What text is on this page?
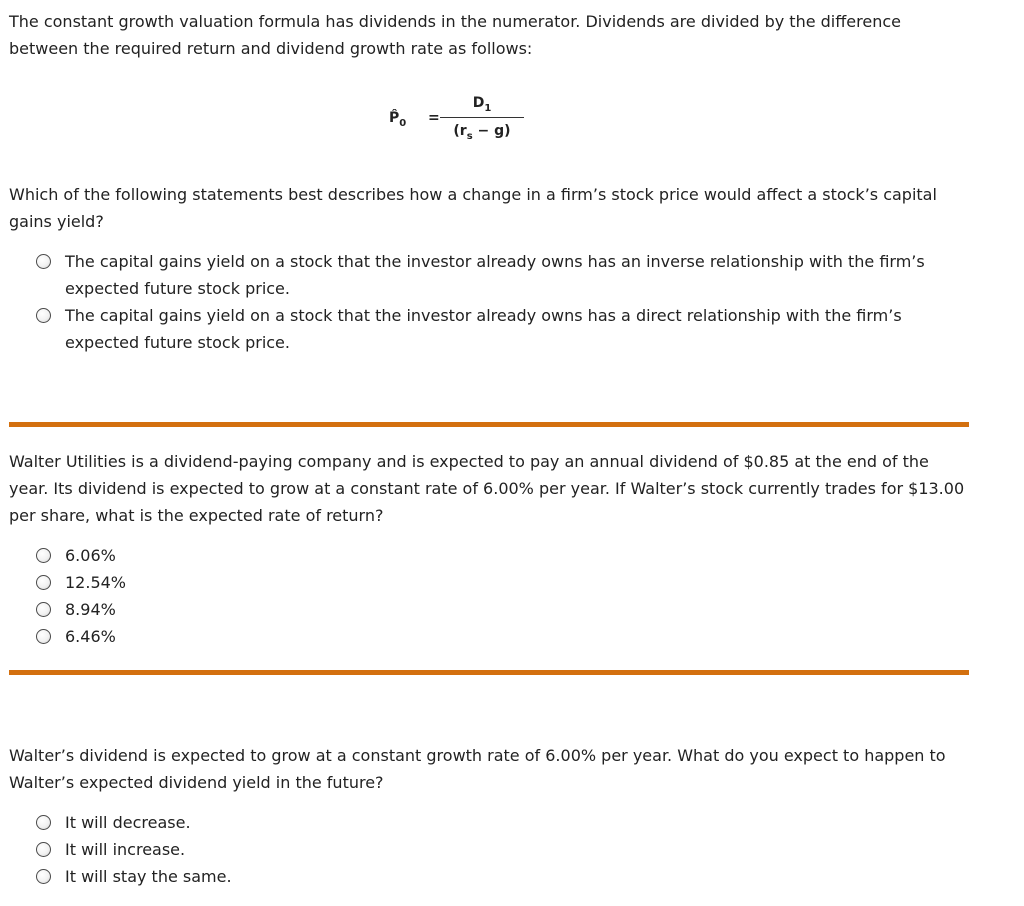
The constant growth valuation formula has dividends in the numerator. Dividends are divided by the difference between the required return and dividend growth rate as follows:

$P̂_0$ =
$D_1$
$(r_s - g)$

Which of the following statements best describes how a change in a firm’s stock price would affect a stock’s capital gains yield?

The capital gains yield on a stock that the investor already owns has an inverse relationship with the firm’s expected future stock price.
The capital gains yield on a stock that the investor already owns has a direct relationship with the firm’s expected future stock price.

Walter Utilities is a dividend-paying company and is expected to pay an annual dividend of $0.85 at the end of the year. Its dividend is expected to grow at a constant rate of 6.00% per year. If Walter’s stock currently trades for $13.00 per share, what is the expected rate of return?

6.06%
12.54%
8.94%
6.46%

Walter’s dividend is expected to grow at a constant growth rate of 6.00% per year. What do you expect to happen to Walter’s expected dividend yield in the future?

It will decrease.
It will increase.
It will stay the same.
